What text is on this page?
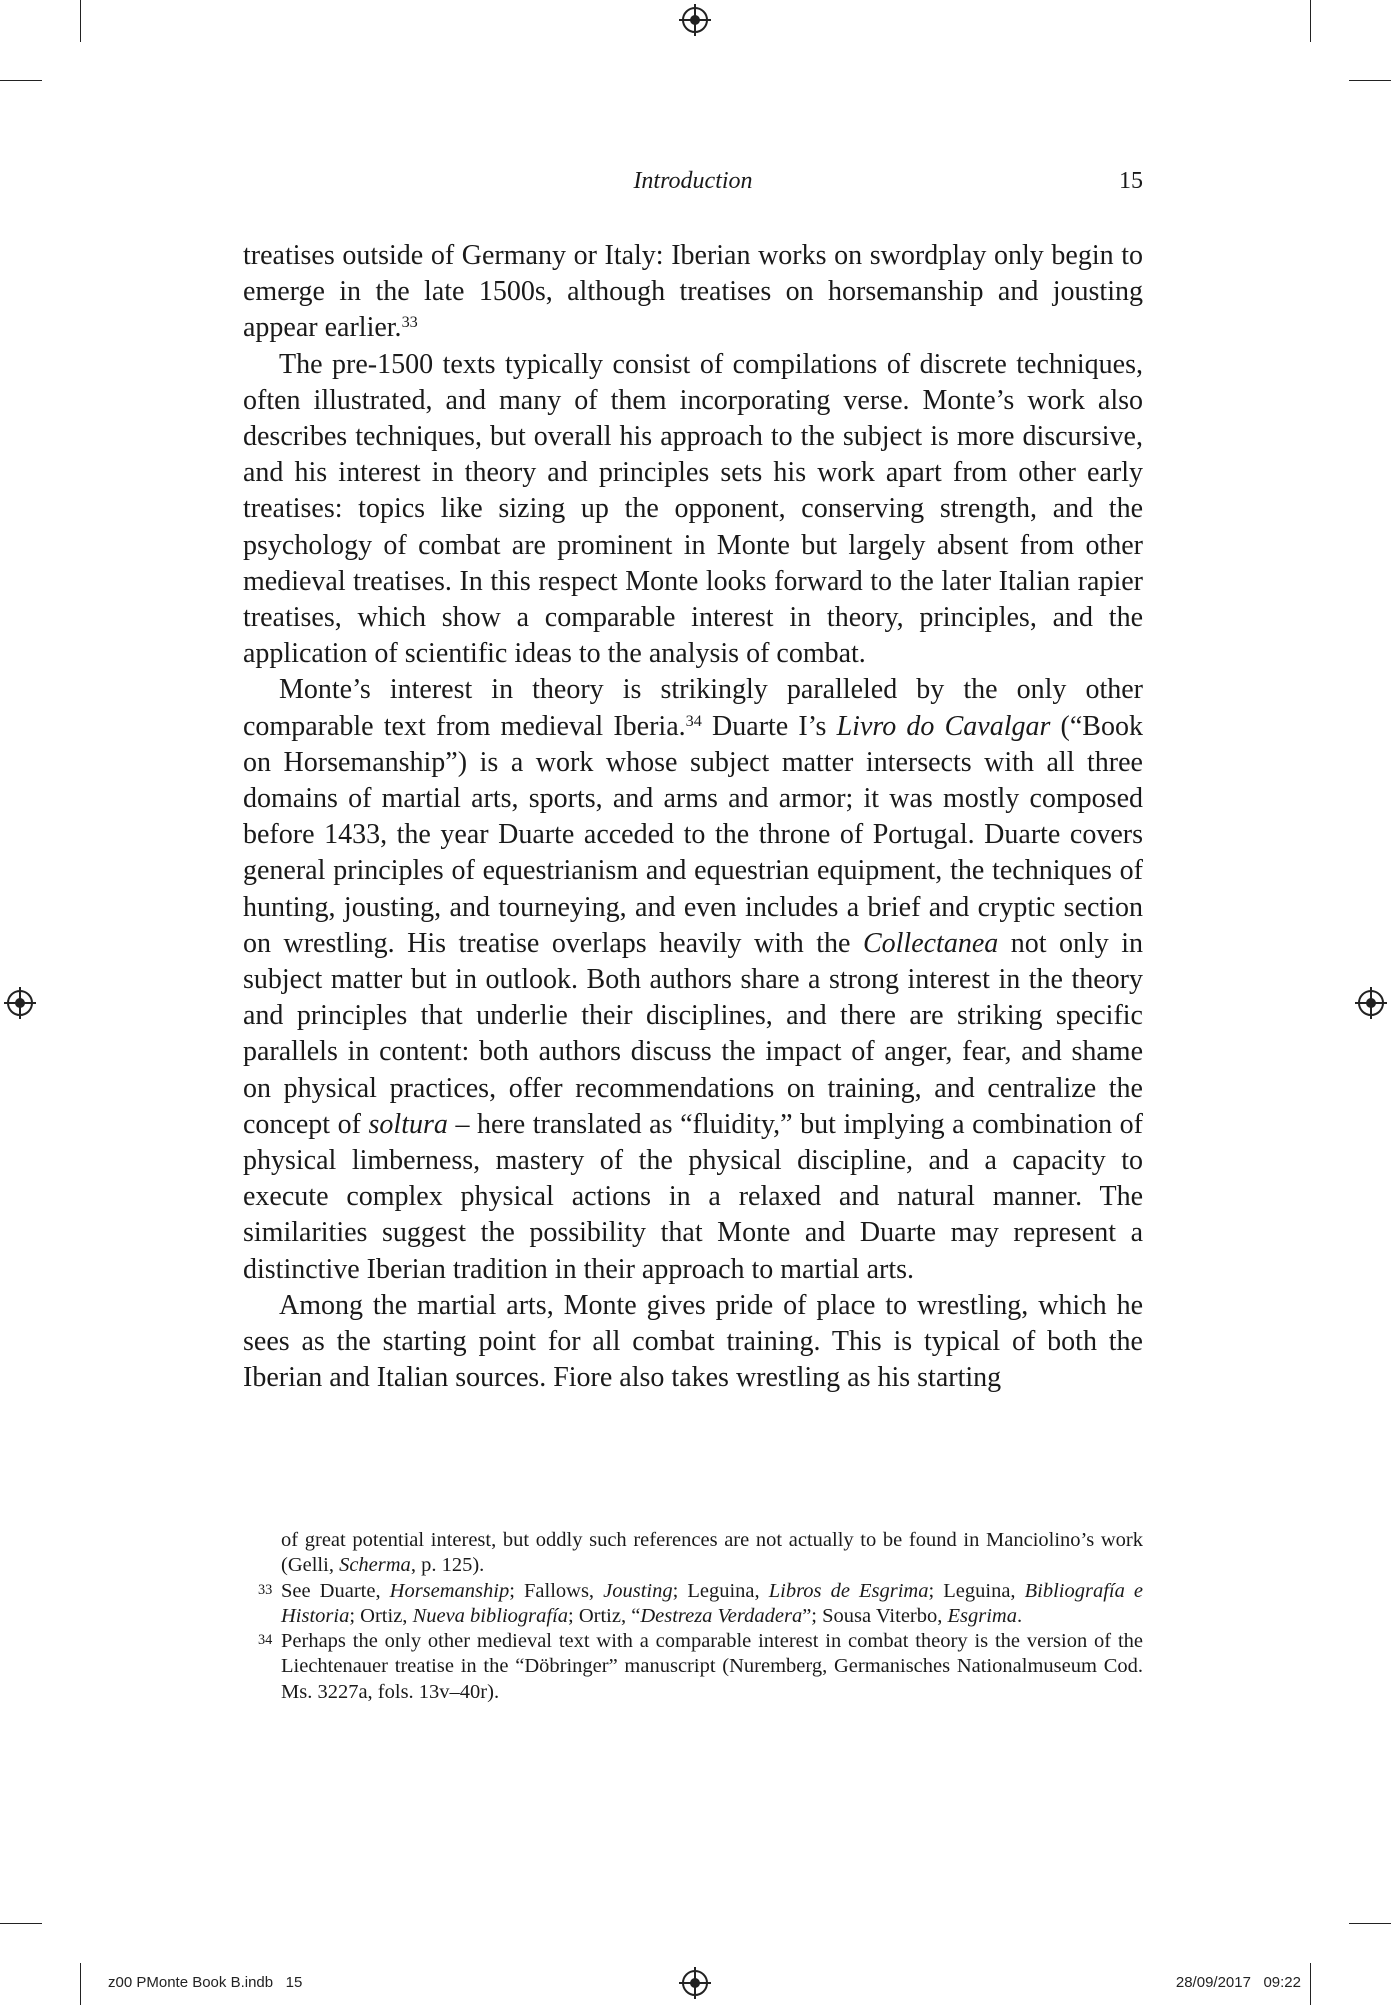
Introduction	15

treatises outside of Germany or Italy: Iberian works on swordplay only begin to emerge in the late 1500s, although treatises on horsemanship and jousting appear earlier.$^{33}$

The pre-1500 texts typically consist of compilations of discrete techniques, often illustrated, and many of them incorporating verse. Monte’s work also describes techniques, but overall his approach to the subject is more discursive, and his interest in theory and principles sets his work apart from other early treatises: topics like sizing up the opponent, conserving strength, and the psychology of combat are prominent in Monte but largely absent from other medieval treatises. In this respect Monte looks forward to the later Italian rapier treatises, which show a comparable interest in theory, principles, and the application of scientific ideas to the analysis of combat.

Monte’s interest in theory is strikingly paralleled by the only other comparable text from medieval Iberia.$^{34}$ Duarte I’s Livro do Cavalgar (“Book on Horsemanship”) is a work whose subject matter intersects with all three domains of martial arts, sports, and arms and armor; it was mostly composed before 1433, the year Duarte acceded to the throne of Portugal. Duarte covers general principles of equestrianism and equestrian equipment, the techniques of hunting, jousting, and tourneying, and even includes a brief and cryptic section on wrestling. His treatise overlaps heavily with the Collectanea not only in subject matter but in outlook. Both authors share a strong interest in the theory and principles that underlie their disciplines, and there are striking specific parallels in content: both authors discuss the impact of anger, fear, and shame on physical practices, offer recommendations on training, and centralize the concept of soltura – here translated as “fluidity,” but implying a combination of physical limberness, mastery of the physical discipline, and a capacity to execute complex physical actions in a relaxed and natural manner. The similarities suggest the possibility that Monte and Duarte may represent a distinctive Iberian tradition in their approach to martial arts.

Among the martial arts, Monte gives pride of place to wrestling, which he sees as the starting point for all combat training. This is typical of both the Iberian and Italian sources. Fiore also takes wrestling as his starting

of great potential interest, but oddly such references are not actually to be found in Manciolino’s work (Gelli, Scherma, p. 125).

33 See Duarte, Horsemanship; Fallows, Jousting; Leguina, Libros de Esgrima; Leguina, Bibliografía e Historia; Ortiz, Nueva bibliografía; Ortiz, “Destreza Verdadera”; Sousa Viterbo, Esgrima.

34 Perhaps the only other medieval text with a comparable interest in combat theory is the version of the Liechtenauer treatise in the “Döbringer” manuscript (Nuremberg, Germanisches Nationalmuseum Cod. Ms. 3227a, fols. 13v–40r).

z00 PMonte Book B.indb   15	28/09/2017   09:22
